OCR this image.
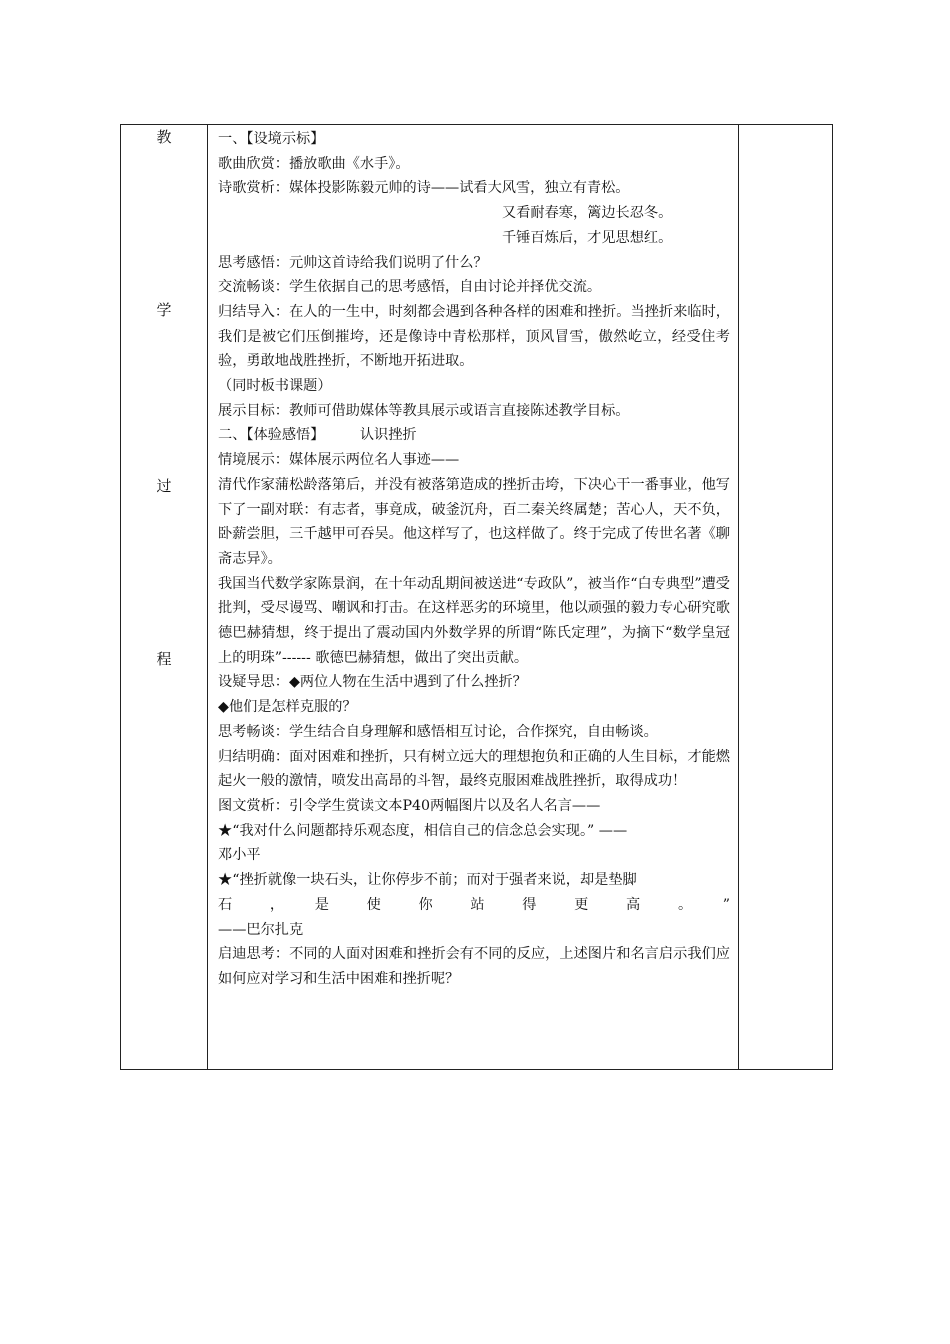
教
学
过
程

一、【设境示标】

歌曲欣赏：播放歌曲《水手》。

诗歌赏析：媒体投影陈毅元帅的诗——试看大风雪，独立有青松。

又看耐春寒，篱边长忍冬。

千锤百炼后，才见思想红。

思考感悟：元帅这首诗给我们说明了什么？

交流畅谈：学生依据自己的思考感悟，自由讨论并择优交流。

归结导入：在人的一生中，时刻都会遇到各种各样的困难和挫折。当挫折来临时，我们是被它们压倒摧垮，还是像诗中青松那样，顶风冒雪，傲然屹立，经受住考验，勇敢地战胜挫折，不断地开拓进取。

（同时板书课题）

展示目标：教师可借助媒体等教具展示或语言直接陈述教学目标。

二、【体验感悟】　　　认识挫折

情境展示：媒体展示两位名人事迹——

清代作家蒲松龄落第后，并没有被落第造成的挫折击垮，下决心干一番事业，他写下了一副对联：有志者，事竟成，破釜沉舟，百二秦关终属楚；苦心人，天不负，卧薪尝胆，三千越甲可吞吴。他这样写了，也这样做了。终于完成了传世名著《聊斋志异》。

我国当代数学家陈景润，在十年动乱期间被送进“专政队”，被当作“白专典型”遭受批判，受尽谩骂、嘲讽和打击。在这样恶劣的环境里，他以顽强的毅力专心研究歌德巴赫猜想，终于提出了震动国内外数学界的所谓“陈氏定理”，为摘下“数学皇冠上的明珠”------ 歌德巴赫猜想，做出了突出贡献。

设疑导思：◆两位人物在生活中遇到了什么挫折？

◆他们是怎样克服的？

思考畅谈：学生结合自身理解和感悟相互讨论，合作探究，自由畅谈。

归结明确：面对困难和挫折，只有树立远大的理想抱负和正确的人生目标，才能燃起火一般的激情，喷发出高昂的斗智，最终克服困难战胜挫折，取得成功！

图文赏析：引令学生赏读文本P40两幅图片以及名人名言——

★“我对什么问题都持乐观态度，相信自己的信念总会实现。” ——

邓小平

★“挫折就像一块石头，让你停步不前；而对于强者来说，却是垫脚

石　，　是　使　你　站　得　更　高　。　”

——巴尔扎克

启迪思考：不同的人面对困难和挫折会有不同的反应，上述图片和名言启示我们应如何应对学习和生活中困难和挫折呢？
